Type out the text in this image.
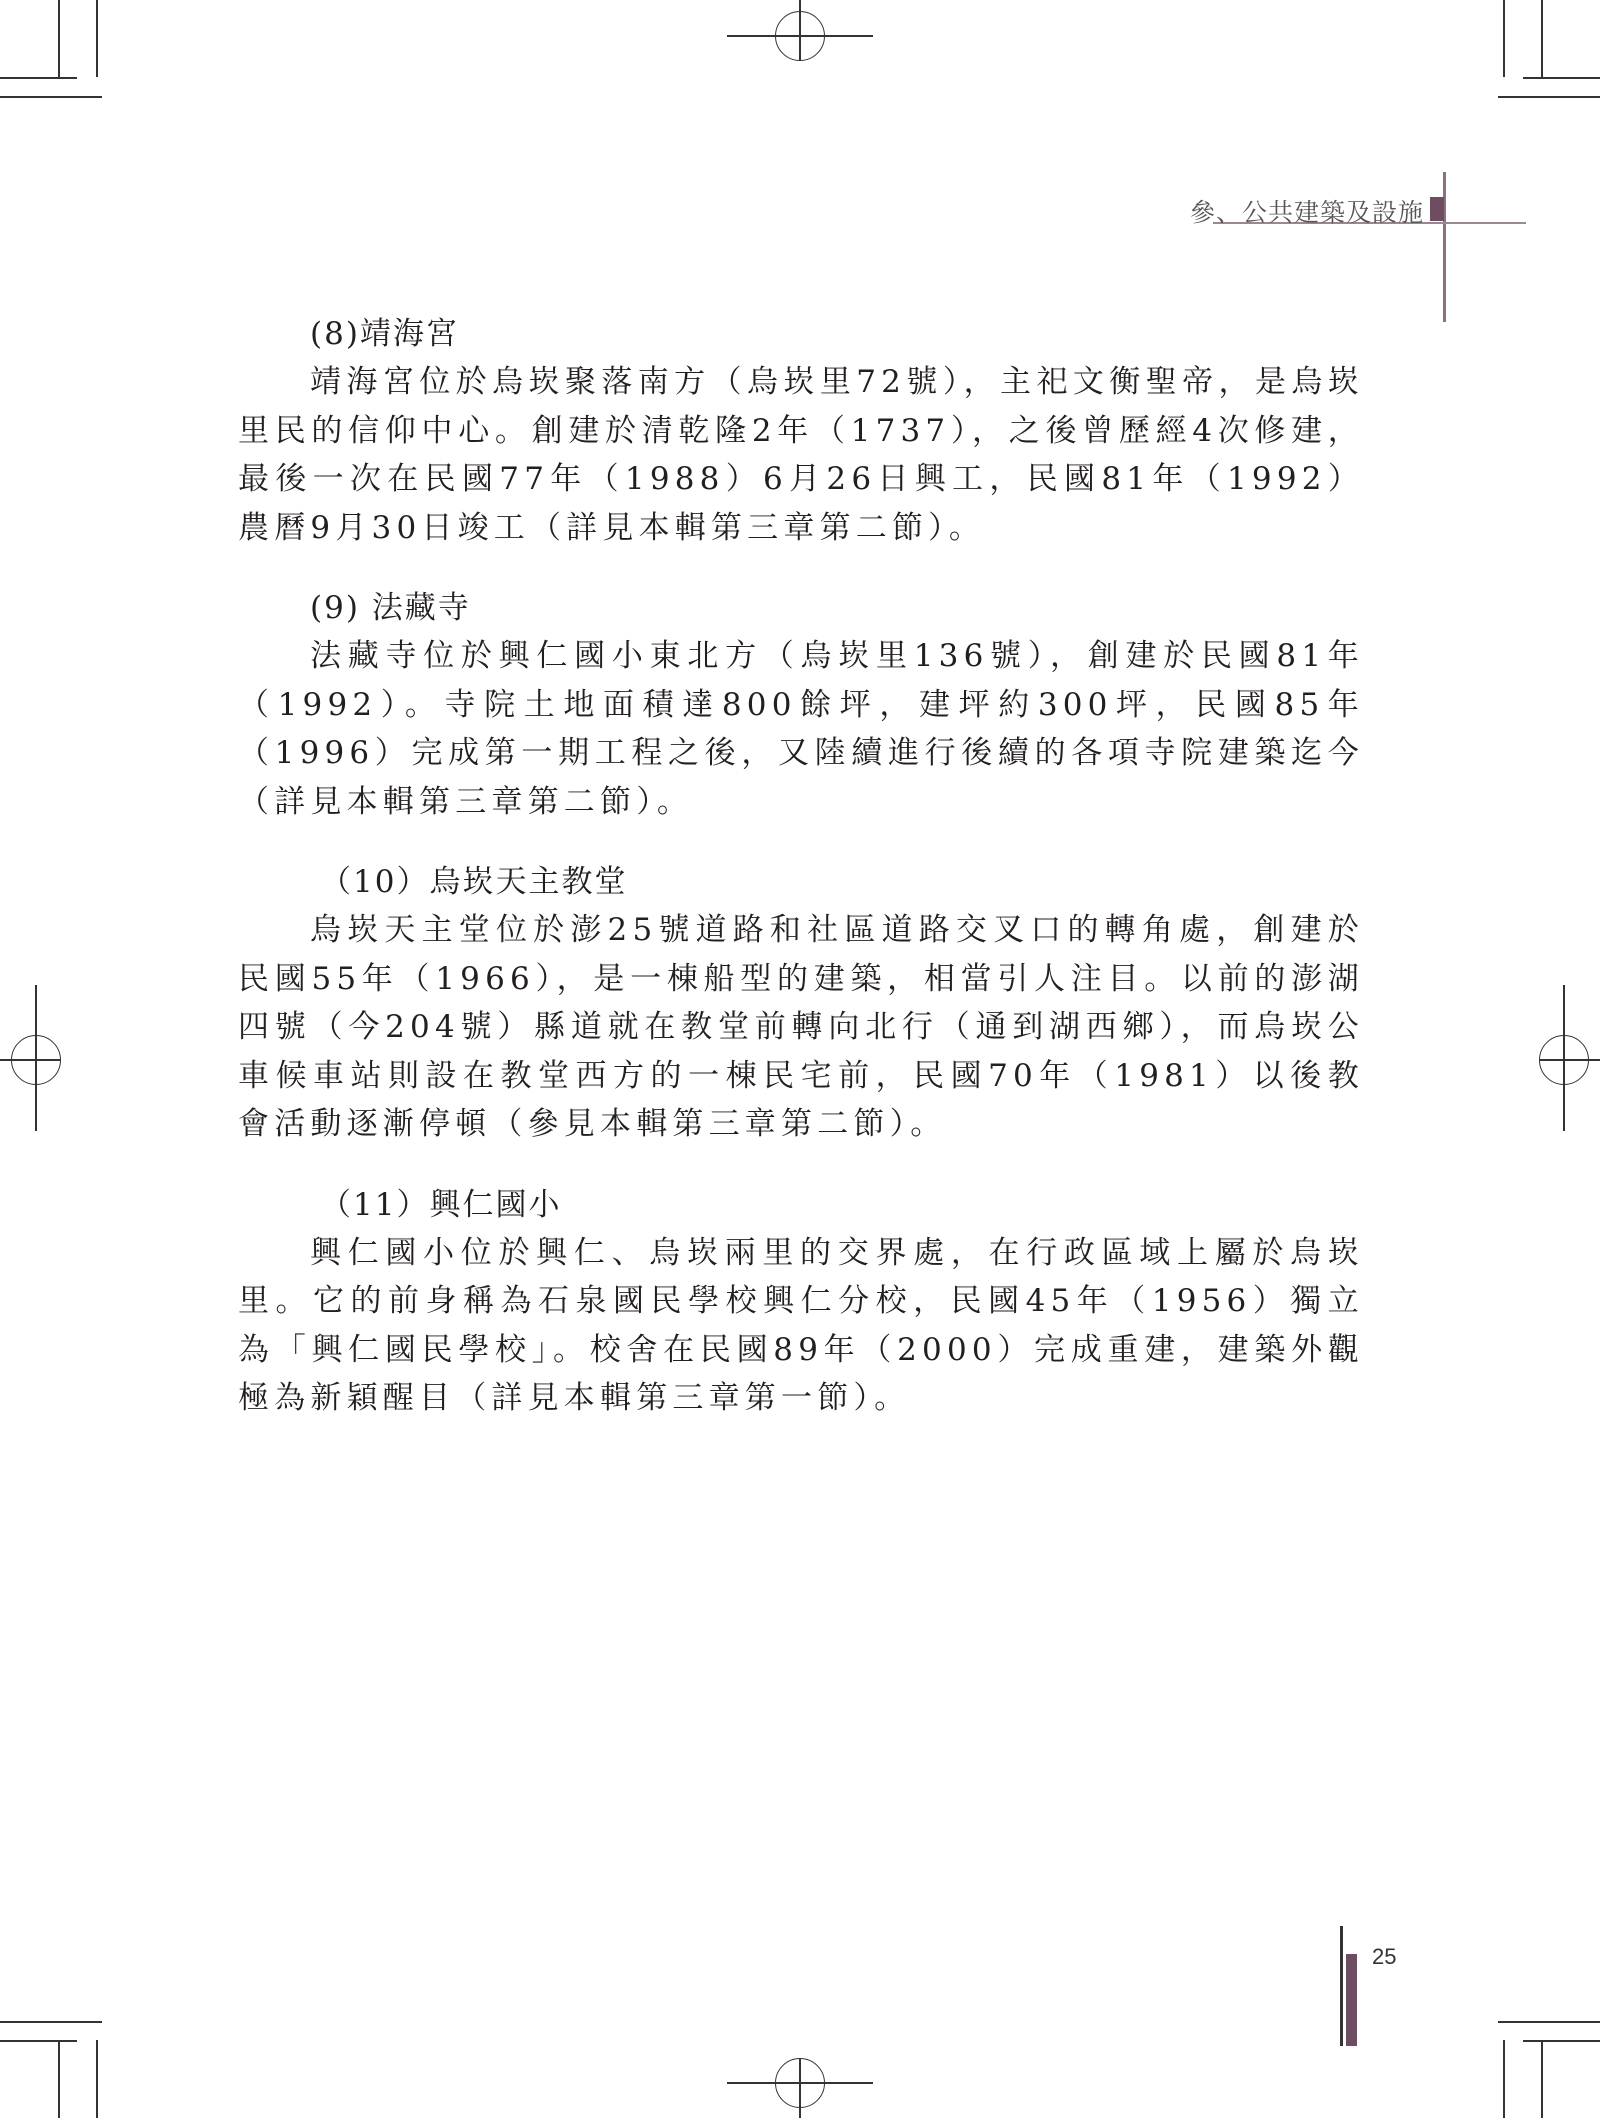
參、公共建築及設施
(8)靖海宮

靖海宮位於烏崁聚落南方（烏崁里72號），主祀文衡聖帝，是烏崁里民的信仰中心。創建於清乾隆2年（1737），之後曾歷經4次修建，最後一次在民國77年（1988）6月26日興工，民國81年（1992）農曆9月30日竣工（詳見本輯第三章第二節）。

(9) 法藏寺

法藏寺位於興仁國小東北方（烏崁里136號），創建於民國81年（1992）。寺院土地面積達800餘坪，建坪約300坪，民國85年（1996）完成第一期工程之後，又陸續進行後續的各項寺院建築迄今（詳見本輯第三章第二節）。

（10）烏崁天主教堂

烏崁天主堂位於澎25號道路和社區道路交叉口的轉角處，創建於民國55年（1966），是一棟船型的建築，相當引人注目。以前的澎湖四號（今204號）縣道就在教堂前轉向北行（通到湖西鄉），而烏崁公車候車站則設在教堂西方的一棟民宅前，民國70年（1981）以後教會活動逐漸停頓（參見本輯第三章第二節）。

（11）興仁國小

興仁國小位於興仁、烏崁兩里的交界處，在行政區域上屬於烏崁里。它的前身稱為石泉國民學校興仁分校，民國45年（1956）獨立為「興仁國民學校」。校舍在民國89年（2000）完成重建，建築外觀極為新穎醒目（詳見本輯第三章第一節）。

25
